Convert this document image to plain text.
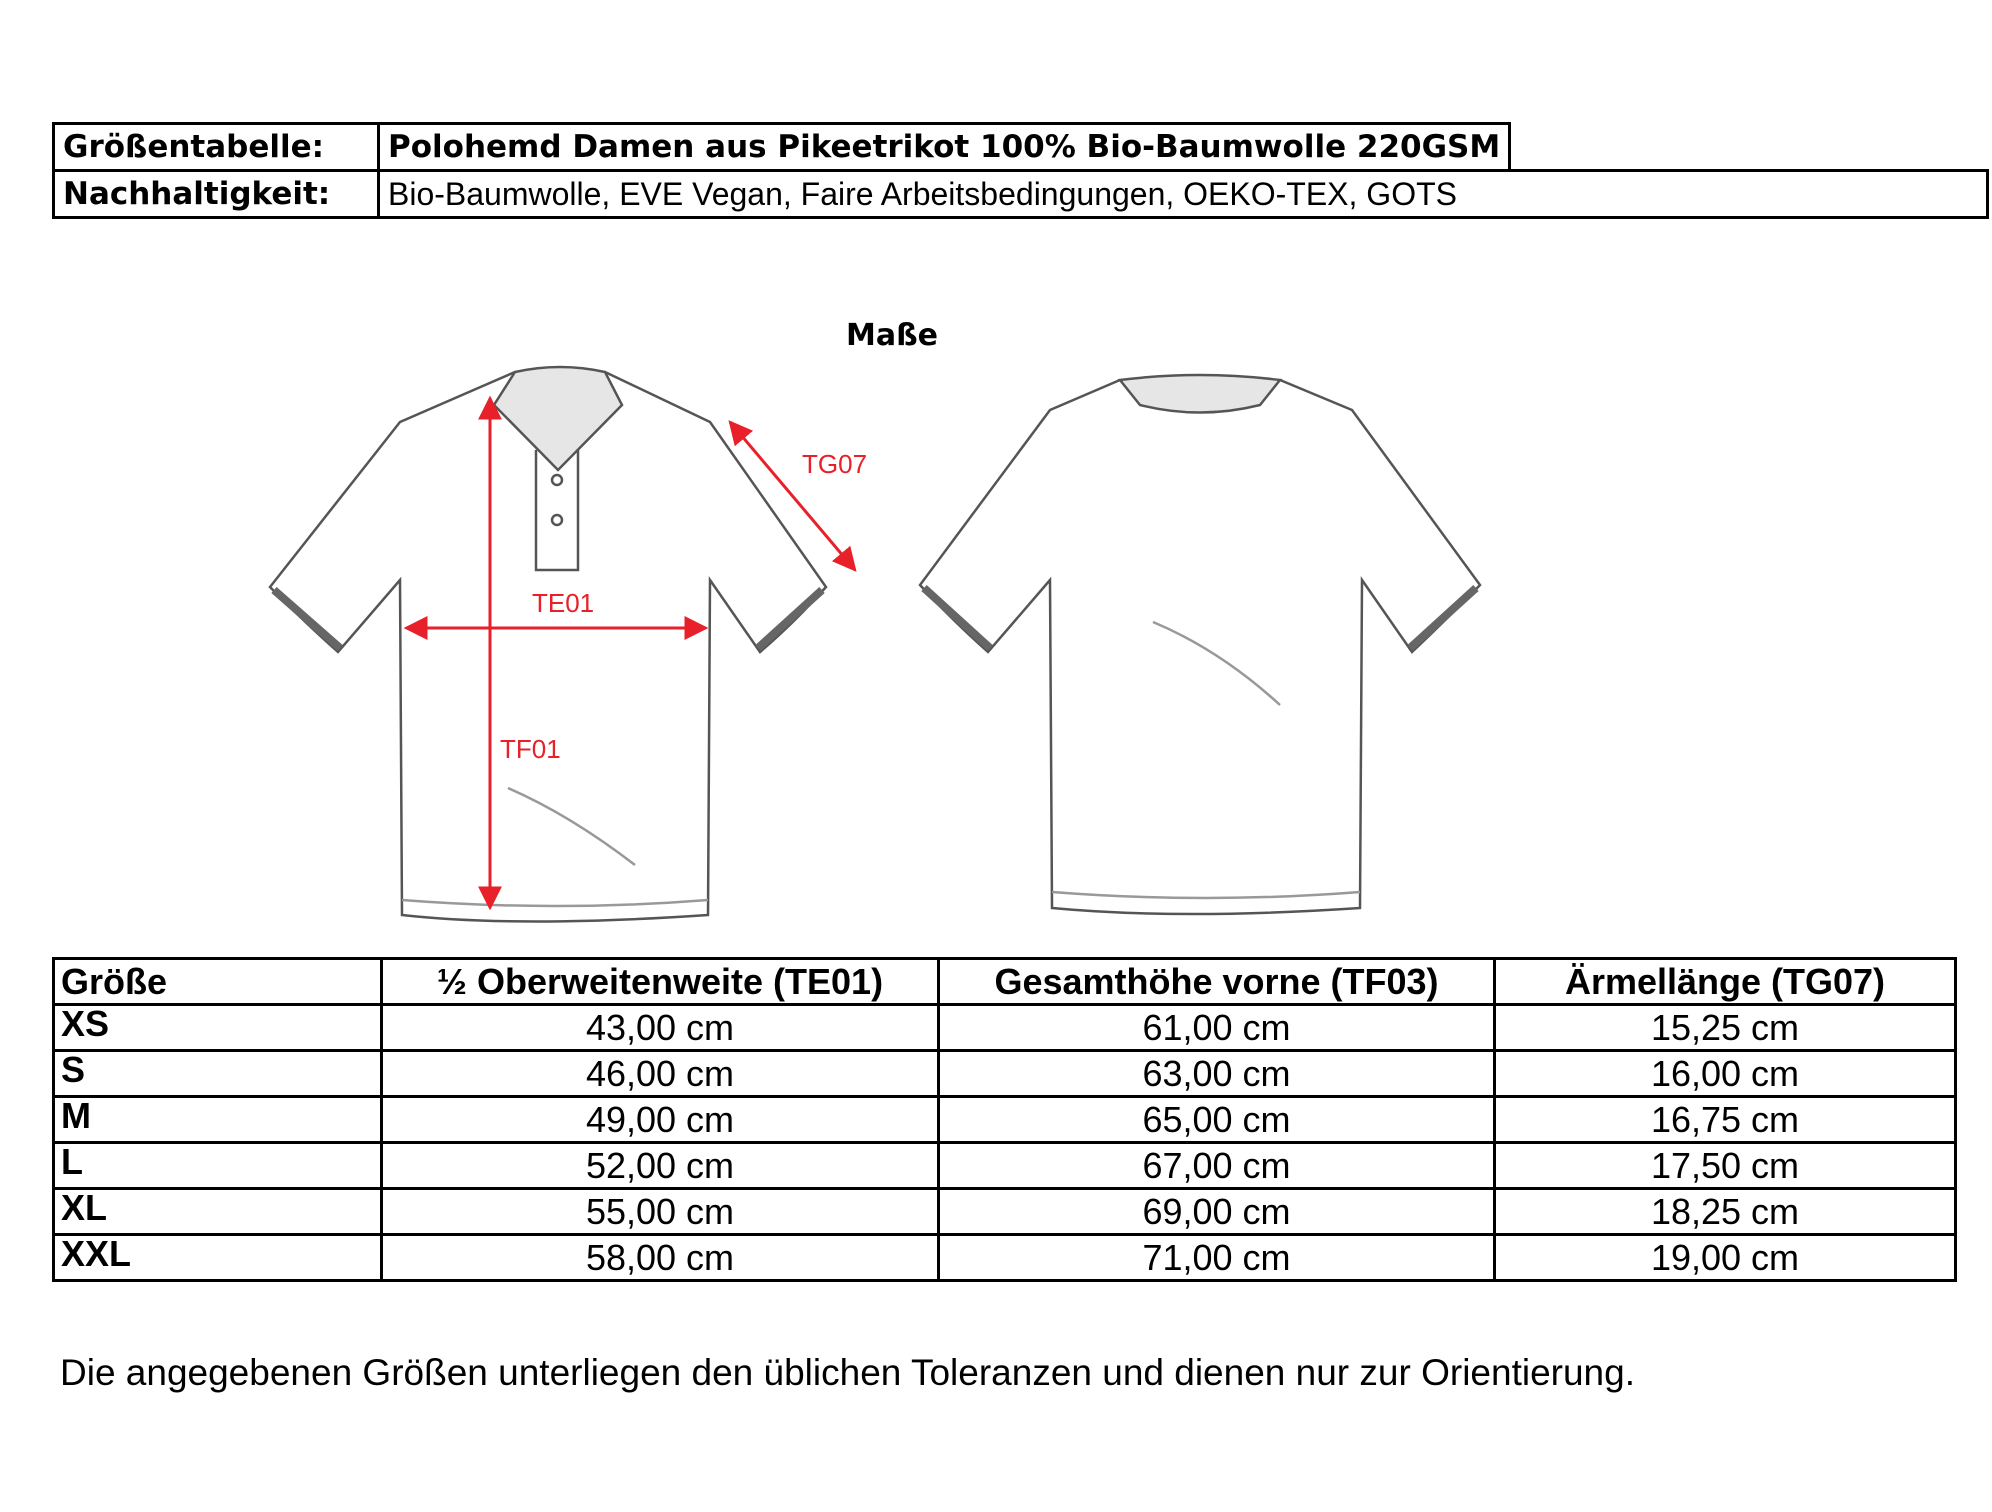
Größentabelle:	Polohemd Damen aus Pikeetrikot 100% Bio-Baumwolle 220GSM	
Nachhaltigkeit:	Bio-Baumwolle, EVE Vegan, Faire Arbeitsbedingungen, OEKO-TEX, GOTS	
Maße
TE01
TF01
TG07
Größe	½ Oberweitenweite (TE01)	Gesamthöhe vorne (TF03)	Ärmellänge (TG07)
XS	43,00 cm	61,00 cm	15,25 cm
S	46,00 cm	63,00 cm	16,00 cm
M	49,00 cm	65,00 cm	16,75 cm
L	52,00 cm	67,00 cm	17,50 cm
XL	55,00 cm	69,00 cm	18,25 cm
XXL	58,00 cm	71,00 cm	19,00 cm
Die angegebenen Größen unterliegen den üblichen Toleranzen und dienen nur zur Orientierung.
